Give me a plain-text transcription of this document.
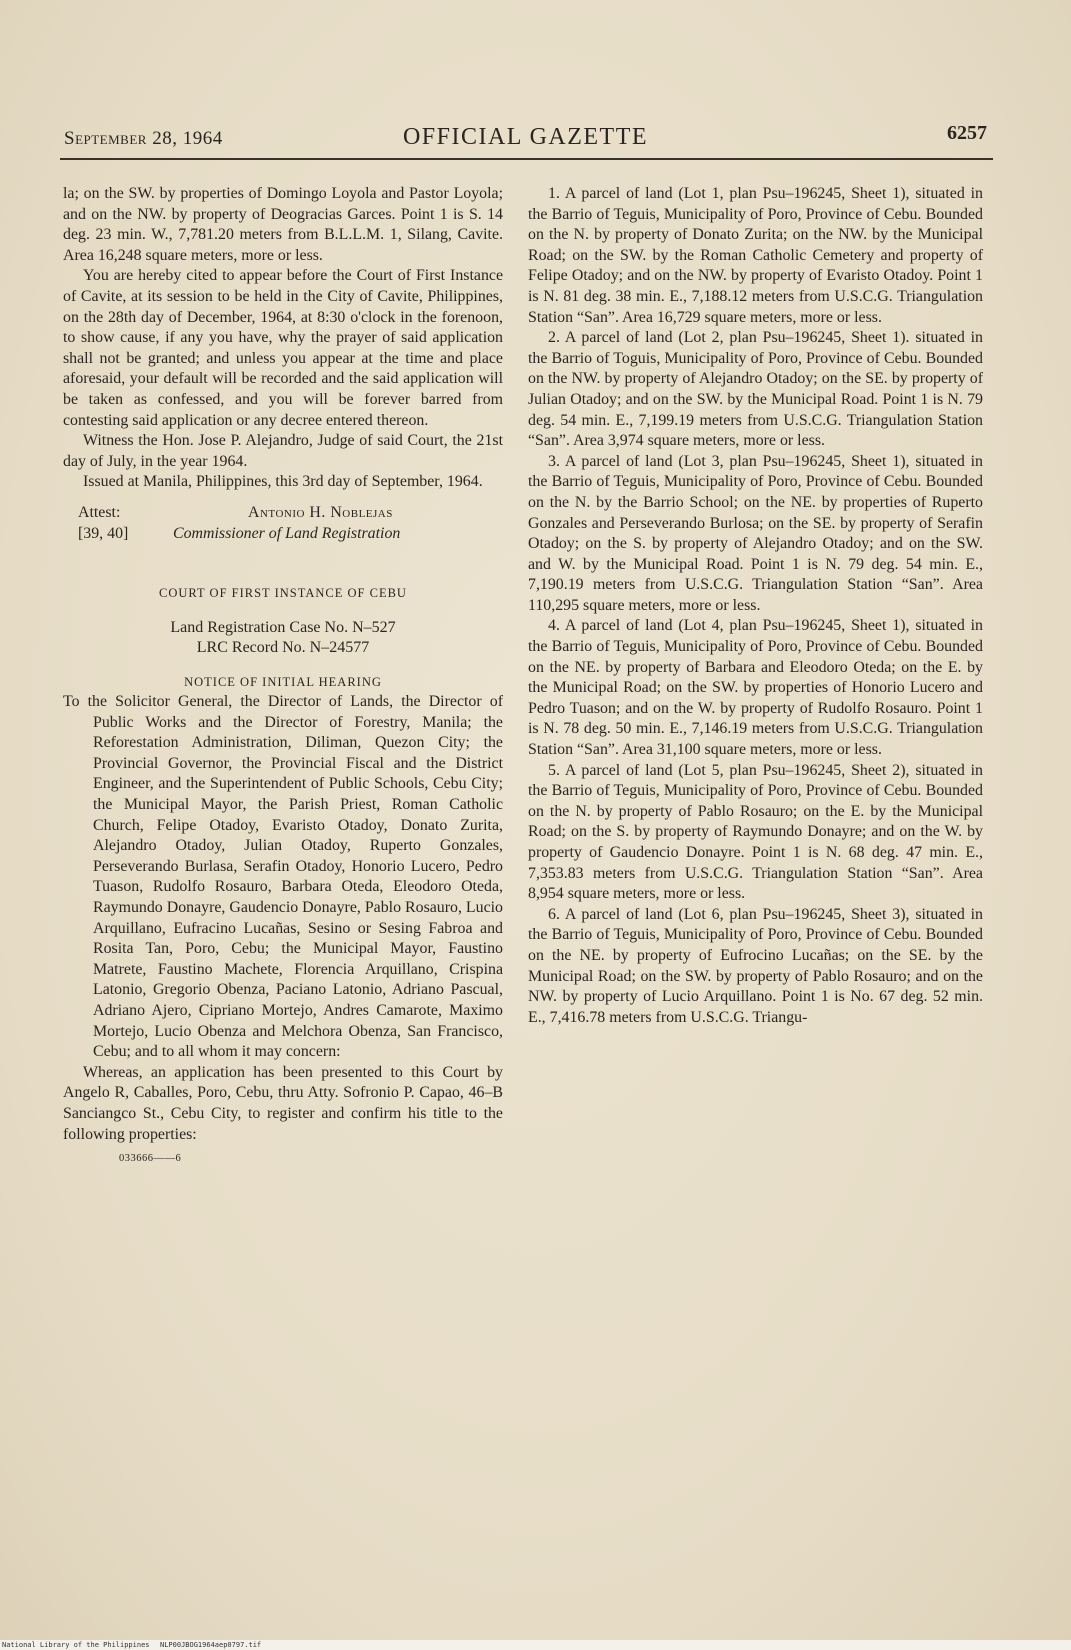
September 28, 1964	OFFICIAL GAZETTE	6257

la; on the SW. by properties of Domingo Loyola and Pastor Loyola; and on the NW. by property of Deogracias Garces. Point 1 is S. 14 deg. 23 min. W., 7,781.20 meters from B.L.L.M. 1, Silang, Cavite. Area 16,248 square meters, more or less.

You are hereby cited to appear before the Court of First Instance of Cavite, at its session to be held in the City of Cavite, Philippines, on the 28th day of December, 1964, at 8:30 o'clock in the forenoon, to show cause, if any you have, why the prayer of said application shall not be granted; and unless you appear at the time and place aforesaid, your default will be recorded and the said application will be taken as confessed, and you will be forever barred from contesting said application or any decree entered thereon.

Witness the Hon. Jose P. Alejandro, Judge of said Court, the 21st day of July, in the year 1964.

Issued at Manila, Philippines, this 3rd day of September, 1964.

Attest:	Antonio H. Noblejas
[39, 40]	Commissioner of Land Registration
COURT OF FIRST INSTANCE OF CEBU
Land Registration Case No. N–527
LRC Record No. N–24577
NOTICE OF INITIAL HEARING

To the Solicitor General, the Director of Lands, the Director of Public Works and the Director of Forestry, Manila; the Reforestation Administration, Diliman, Quezon City; the Provincial Governor, the Provincial Fiscal and the District Engineer, and the Superintendent of Public Schools, Cebu City; the Municipal Mayor, the Parish Priest, Roman Catholic Church, Felipe Otadoy, Evaristo Otadoy, Donato Zurita, Alejandro Otadoy, Julian Otadoy, Ruperto Gonzales, Perseverando Burlasa, Serafin Otadoy, Honorio Lucero, Pedro Tuason, Rudolfo Rosauro, Barbara Oteda, Eleodoro Oteda, Raymundo Donayre, Gaudencio Donayre, Pablo Rosauro, Lucio Arquillano, Eufracino Lucañas, Sesino or Sesing Fabroa and Rosita Tan, Poro, Cebu; the Municipal Mayor, Faustino Matrete, Faustino Machete, Florencia Arquillano, Crispina Latonio, Gregorio Obenza, Paciano Latonio, Adriano Pascual, Adriano Ajero, Cipriano Mortejo, Andres Camarote, Maximo Mortejo, Lucio Obenza and Melchora Obenza, San Francisco, Cebu; and to all whom it may concern:

Whereas, an application has been presented to this Court by Angelo R, Caballes, Poro, Cebu, thru Atty. Sofronio P. Capao, 46–B Sanciangco St., Cebu City, to register and confirm his title to the following properties:

033666——6

1. A parcel of land (Lot 1, plan Psu–196245, Sheet 1), situated in the Barrio of Teguis, Municipality of Poro, Province of Cebu. Bounded on the N. by property of Donato Zurita; on the NW. by the Municipal Road; on the SW. by the Roman Catholic Cemetery and property of Felipe Otadoy; and on the NW. by property of Evaristo Otadoy. Point 1 is N. 81 deg. 38 min. E., 7,188.12 meters from U.S.C.G. Triangulation Station “San”. Area 16,729 square meters, more or less.

2. A parcel of land (Lot 2, plan Psu–196245, Sheet 1). situated in the Barrio of Toguis, Municipality of Poro, Province of Cebu. Bounded on the NW. by property of Alejandro Otadoy; on the SE. by property of Julian Otadoy; and on the SW. by the Municipal Road. Point 1 is N. 79 deg. 54 min. E., 7,199.19 meters from U.S.C.G. Triangulation Station “San”. Area 3,974 square meters, more or less.

3. A parcel of land (Lot 3, plan Psu–196245, Sheet 1), situated in the Barrio of Teguis, Municipality of Poro, Province of Cebu. Bounded on the N. by the Barrio School; on the NE. by properties of Ruperto Gonzales and Perseverando Burlosa; on the SE. by property of Serafin Otadoy; on the S. by property of Alejandro Otadoy; and on the SW. and W. by the Municipal Road. Point 1 is N. 79 deg. 54 min. E., 7,190.19 meters from U.S.C.G. Triangulation Station “San”. Area 110,295 square meters, more or less.

4. A parcel of land (Lot 4, plan Psu–196245, Sheet 1), situated in the Barrio of Teguis, Municipality of Poro, Province of Cebu. Bounded on the NE. by property of Barbara and Eleodoro Oteda; on the E. by the Municipal Road; on the SW. by properties of Honorio Lucero and Pedro Tuason; and on the W. by property of Rudolfo Rosauro. Point 1 is N. 78 deg. 50 min. E., 7,146.19 meters from U.S.C.G. Triangulation Station “San”. Area 31,100 square meters, more or less.

5. A parcel of land (Lot 5, plan Psu–196245, Sheet 2), situated in the Barrio of Teguis, Municipality of Poro, Province of Cebu. Bounded on the N. by property of Pablo Rosauro; on the E. by the Municipal Road; on the S. by property of Raymundo Donayre; and on the W. by property of Gaudencio Donayre. Point 1 is N. 68 deg. 47 min. E., 7,353.83 meters from U.S.C.G. Triangulation Station “San”. Area 8,954 square meters, more or less.

6. A parcel of land (Lot 6, plan Psu–196245, Sheet 3), situated in the Barrio of Teguis, Municipality of Poro, Province of Cebu. Bounded on the NE. by property of Eufrocino Lucañas; on the SE. by the Municipal Road; on the SW. by property of Pablo Rosauro; and on the NW. by property of Lucio Arquillano. Point 1 is No. 67 deg. 52 min. E., 7,416.78 meters from U.S.C.G. Triangu-

National Library of the Philippines NLP00JBOG1964aep0797.tif
